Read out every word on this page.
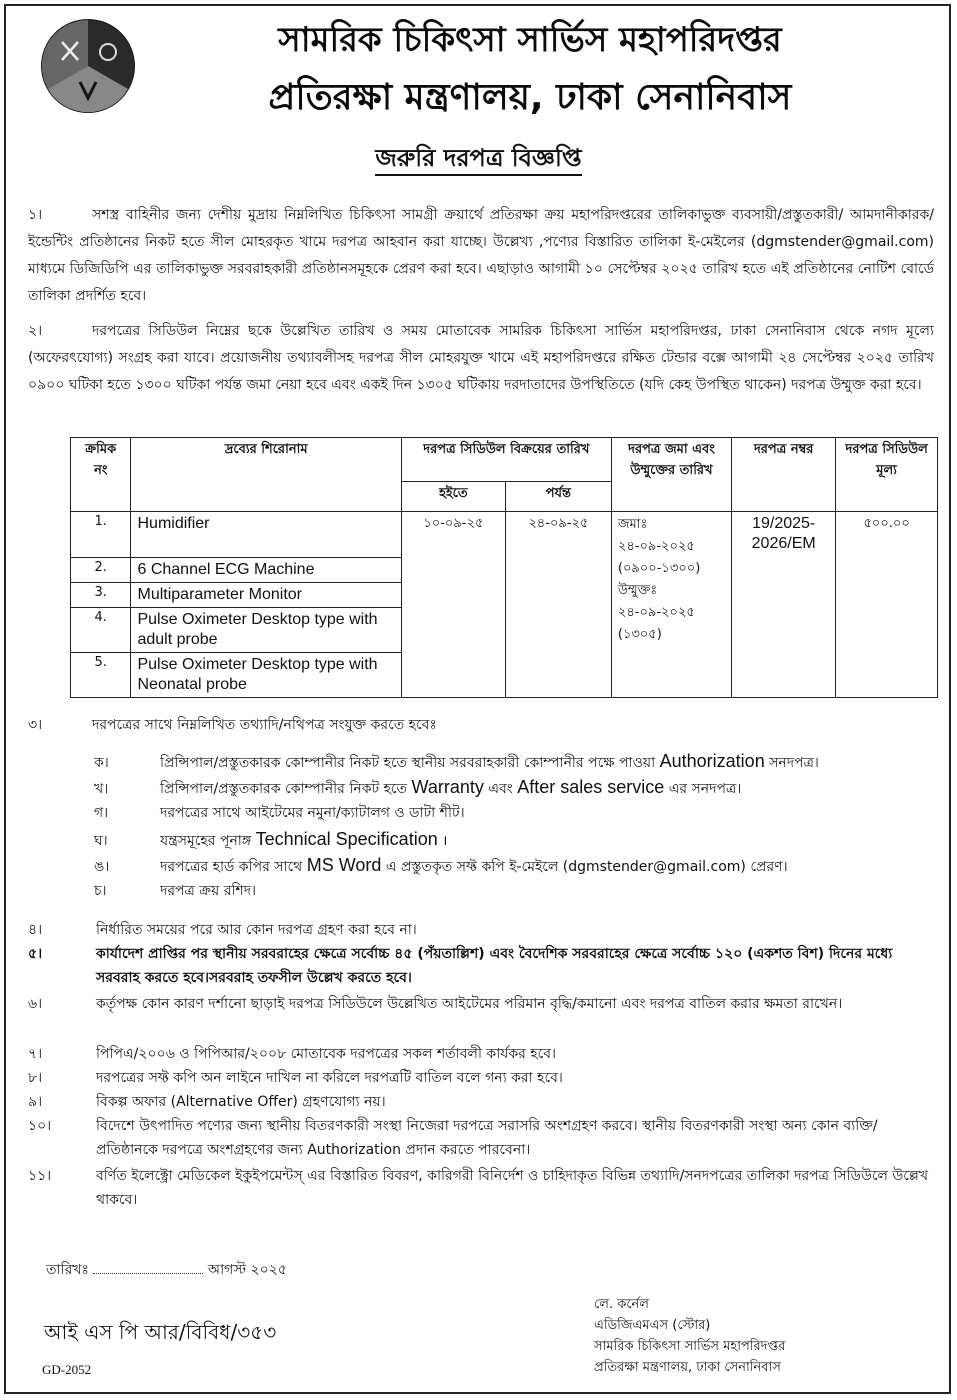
সামরিক চিকিৎসা সার্ভিস মহাপরিদপ্তর
প্রতিরক্ষা মন্ত্রণালয়, ঢাকা সেনানিবাস
জরুরি দরপত্র বিজ্ঞপ্তি
১।	সশস্ত্র বাহিনীর জন্য দেশীয় মুদ্রায় নিম্নলিখিত চিকিৎসা সামগ্রী ক্রয়ার্থে প্রতিরক্ষা ক্রয় মহাপরিদপ্তরের তালিকাভুক্ত ব্যবসায়ী/প্রস্তুতকারী/ আমদানীকারক/ইন্ডেন্টিং প্রতিষ্ঠানের নিকট হতে সীল মোহরকৃত খামে দরপত্র আহবান করা যাচ্ছে। উল্লেখ্য ,পণ্যের বিস্তারিত তালিকা ই-মেইলের (dgmstender@gmail.com) মাধ্যমে ডিজিডিপি এর তালিকাভুক্ত সরবরাহকারী প্রতিষ্ঠানসমূহকে প্রেরণ করা হবে। এছাড়াও আগামী ১০ সেপ্টেম্বর ২০২৫ তারিখ হতে এই প্রতিষ্ঠানের নোটিশ বোর্ডে তালিকা প্রদর্শিত হবে।
২।	দরপত্রের সিডিউল নিম্নের ছকে উল্লেখিত তারিখ ও সময় মোতাবেক সামরিক চিকিৎসা সার্ভিস মহাপরিদপ্তর, ঢাকা সেনানিবাস থেকে নগদ মূল্যে (অফেরৎযোগ্য) সংগ্রহ করা যাবে। প্রয়োজনীয় তথ্যাবলীসহ দরপত্র সীল মোহরযুক্ত খামে এই মহাপরিদপ্তরে রক্ষিত টেন্ডার বক্সে আগামী ২৪ সেপ্টেম্বর ২০২৫ তারিখ ০৯০০ ঘটিকা হতে ১৩০০ ঘটিকা পর্যন্ত জমা নেয়া হবে এবং একই দিন ১৩০৫ ঘটিকায় দরদাতাদের উপস্থিতিতে (যদি কেহ উপস্থিত থাকেন) দরপত্র উম্মুক্ত করা হবে।
ক্রমিক নং	দ্রব্যের শিরোনাম	দরপত্র সিডিউল বিক্রয়ের তারিখ		দরপত্র জমা এবং উম্মুক্তের তারিখ	দরপত্র নম্বর	দরপত্র সিডিউল মূল্য
		হইতে	পর্যন্ত			
1.	Humidifier	১০-০৯-২৫	২৪-০৯-২৫	জমাঃ ২৪-০৯-২০২৫ (০৯০০-১৩০০) উম্মুক্তঃ ২৪-০৯-২০২৫ (১৩০৫)	19/2025-2026/EM	৫০০.০০
2.	6 Channel ECG Machine					
3.	Multiparameter Monitor					
4.	Pulse Oximeter Desktop type with adult probe					
5.	Pulse Oximeter Desktop type with Neonatal probe					
৩।	দরপত্রের সাথে নিম্নলিখিত তথ্যাদি/নথিপত্র সংযুক্ত করতে হবেঃ
ক।	প্রিন্সিপাল/প্রস্তুতকারক কোম্পানীর নিকট হতে স্থানীয় সরবরাহকারী কোম্পানীর পক্ষে পাওয়া Authorization সনদপত্র।
খ।	প্রিন্সিপাল/প্রস্তুতকারক কোম্পানীর নিকট হতে Warranty এবং After sales service এর সনদপত্র।
গ।	দরপত্রের সাথে আইটেমের নমুনা/ক্যাটালগ ও ডাটা শীট।
ঘ।	যন্ত্রসমূহের পূনাঙ্গ Technical Specification ।
ঙ।	দরপত্রের হার্ড কপির সাথে MS Word এ প্রস্তুতকৃত সফ্ট কপি ই-মেইলে (dgmstender@gmail.com) প্রেরণ।
চ।	দরপত্র ক্রয় রশিদ।
৪।	নির্ধারিত সময়ের পরে আর কোন দরপত্র গ্রহণ করা হবে না।
৫।	কার্যাদেশ প্রাপ্তির পর স্থানীয় সরবরাহের ক্ষেত্রে সর্বোচ্চ ৪৫ (পঁয়তাল্লিশ) এবং বৈদেশিক সরবরাহের ক্ষেত্রে সর্বোচ্চ ১২০ (একশত বিশ) দিনের মধ্যে সরবরাহ করতে হবে।সরবরাহ তফসীল উল্লেখ করতে হবে।
৬।	কর্তৃপক্ষ কোন কারণ দর্শানো ছাড়াই দরপত্র সিডিউলে উল্লেখিত আইটেমের পরিমান বৃদ্ধি/কমানো এবং দরপত্র বাতিল করার ক্ষমতা রাখেন।
৭।	পিপিএ/২০০৬ ও পিপিআর/২০০৮ মোতাবেক দরপত্রের সকল শর্তাবলী কার্যকর হবে।
৮।	দরপত্রের সফ্ট কপি অন লাইনে দাখিল না করিলে দরপত্রটি বাতিল বলে গন্য করা হবে।
৯।	বিকল্প অফার (Alternative Offer) গ্রহণযোগ্য নয়।
১০।	বিদেশে উৎপাদিত পণ্যের জন্য স্থানীয় বিতরণকারী সংস্থা নিজেরা দরপত্রে সরাসরি অংশগ্রহণ করবে। স্থানীয় বিতরণকারী সংস্থা অন্য কোন ব্যক্তি/প্রতিষ্ঠানকে দরপত্রে অংশগ্রহণের জন্য Authorization প্রদান করতে পারবেনা।
১১।	বর্ণিত ইলেক্ট্রো মেডিকেল ইকুইপমেন্টস্ এর বিস্তারিত বিবরণ, কারিগরী বিনির্দেশ ও চাহিদাকৃত বিভিন্ন তথ্যাদি/সনদপত্রের তালিকা দরপত্র সিডিউলে উল্লেখ থাকবে।
তারিখঃ	আগস্ট ২০২৫
আই এস পি আর/বিবিধ/৩৫৩
GD-2052
লে. কর্নেল
এডিজিএমএস (স্টোর)
সামরিক চিকিৎসা সার্ভিস মহাপরিদপ্তর
প্রতিরক্ষা মন্ত্রণালয়, ঢাকা সেনানিবাস
